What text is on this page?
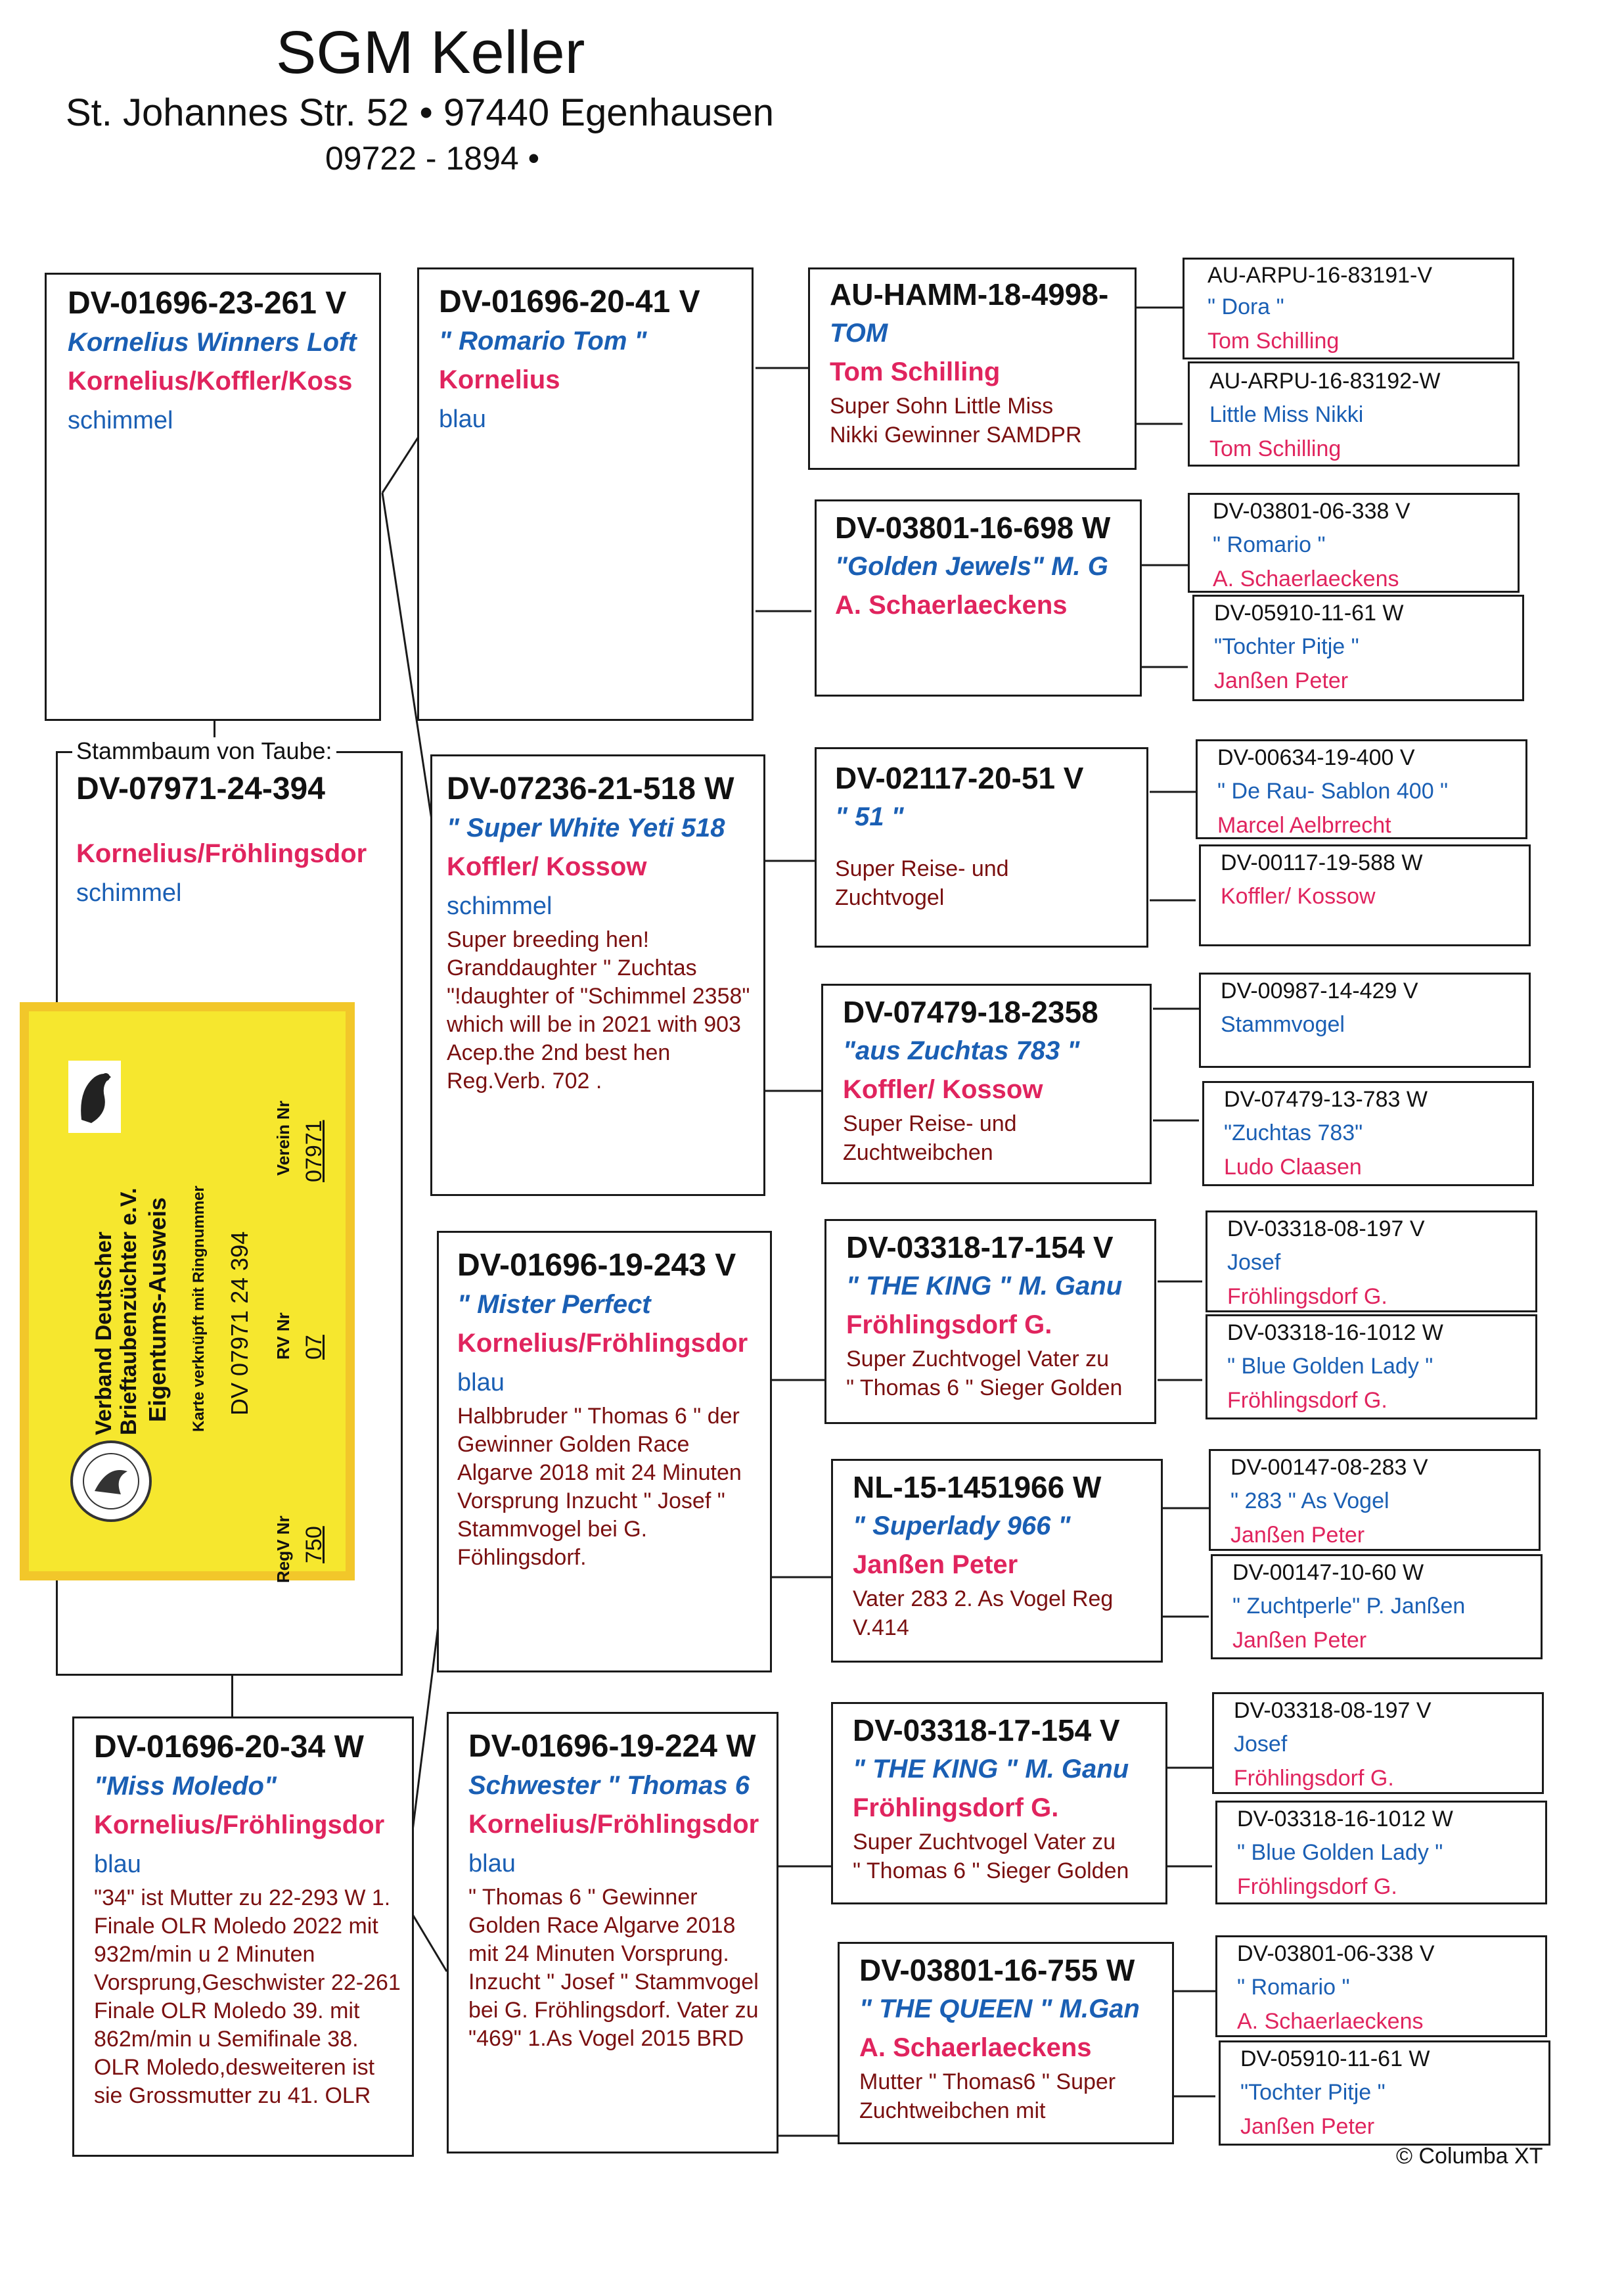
SGM Keller
St. Johannes Str. 52 • 97440 Egenhausen
09722 - 1894 •
DV-01696-23-261 V
Kornelius Winners Loft
Kornelius/Koffler/Koss
schimmel
DV-07971-24-394
Kornelius/Fröhlingsdor
schimmel
Stammbaum von Taube:
DV-01696-20-34 W
"Miss Moledo"
Kornelius/Fröhlingsdor
blau
"34" ist Mutter zu 22-293 W 1. Finale OLR Moledo 2022 mit 932m/min u 2 Minuten Vorsprung,Geschwister 22-261 Finale OLR Moledo 39. mit 862m/min u Semifinale 38. OLR Moledo,desweiteren ist sie Grossmutter zu 41. OLR
DV-01696-20-41 V
" Romario Tom "
Kornelius
blau
DV-07236-21-518 W
" Super White Yeti 518
Koffler/ Kossow
schimmel
Super breeding hen! Granddaughter " Zuchtas "!daughter of "Schimmel 2358" which will be in 2021 with 903 Acep.the 2nd best hen Reg.Verb. 702 .
DV-01696-19-243 V
" Mister Perfect
Kornelius/Fröhlingsdor
blau
Halbbruder " Thomas 6 " der Gewinner Golden Race Algarve 2018 mit 24 Minuten Vorsprung Inzucht " Josef " Stammvogel bei G. Föhlingsdorf.
DV-01696-19-224 W
Schwester " Thomas 6
Kornelius/Fröhlingsdor
blau
" Thomas 6 " Gewinner Golden Race Algarve 2018 mit 24 Minuten Vorsprung. Inzucht " Josef " Stammvogel bei G. Fröhlingsdorf. Vater zu "469" 1.As Vogel 2015 BRD
AU-HAMM-18-4998-
TOM
Tom Schilling
Super Sohn Little Miss
Nikki Gewinner SAMDPR
DV-03801-16-698 W
"Golden Jewels" M. G
A. Schaerlaeckens
DV-02117-20-51 V
" 51 "
Super Reise- und
Zuchtvogel
DV-07479-18-2358
"aus Zuchtas 783 "
Koffler/ Kossow
Super Reise- und
Zuchtweibchen
DV-03318-17-154 V
" THE KING " M. Ganu
Fröhlingsdorf G.
Super Zuchtvogel Vater zu
" Thomas 6 " Sieger Golden
NL-15-1451966 W
" Superlady 966 "
Janßen Peter
Vater 283 2. As Vogel Reg
V.414
DV-03318-17-154 V
" THE KING " M. Ganu
Fröhlingsdorf G.
Super Zuchtvogel Vater zu
" Thomas 6 " Sieger Golden
DV-03801-16-755 W
" THE QUEEN " M.Gan
A. Schaerlaeckens
Mutter " Thomas6 " Super
Zuchtweibchen mit
AU-ARPU-16-83191-V
" Dora "
Tom Schilling
AU-ARPU-16-83192-W
Little Miss Nikki
Tom Schilling
DV-03801-06-338 V
" Romario "
A. Schaerlaeckens
DV-05910-11-61 W
"Tochter Pitje "
Janßen Peter
DV-00634-19-400 V
" De Rau- Sablon 400 "
Marcel Aelbrrecht
DV-00117-19-588 W
Koffler/ Kossow
DV-00987-14-429 V
Stammvogel
DV-07479-13-783 W
"Zuchtas 783"
Ludo Claasen
DV-03318-08-197 V
Josef
Fröhlingsdorf G.
DV-03318-16-1012 W
" Blue Golden Lady "
Fröhlingsdorf G.
DV-00147-08-283 V
" 283 " As Vogel
Janßen Peter
DV-00147-10-60 W
" Zuchtperle" P. Janßen
Janßen Peter
DV-03318-08-197 V
Josef
Fröhlingsdorf G.
DV-03318-16-1012 W
" Blue Golden Lady "
Fröhlingsdorf G.
DV-03801-06-338 V
" Romario "
A. Schaerlaeckens
DV-05910-11-61 W
"Tochter Pitje "
Janßen Peter
Verband Deutscher Brieftaubenzüchter e.V. Eigentums-Ausweis Karte verknüpft mit Ringnummer DV 07971 24 394
RegV Nr 750
RV Nr 07
Verein Nr 07971
© Columba XT
